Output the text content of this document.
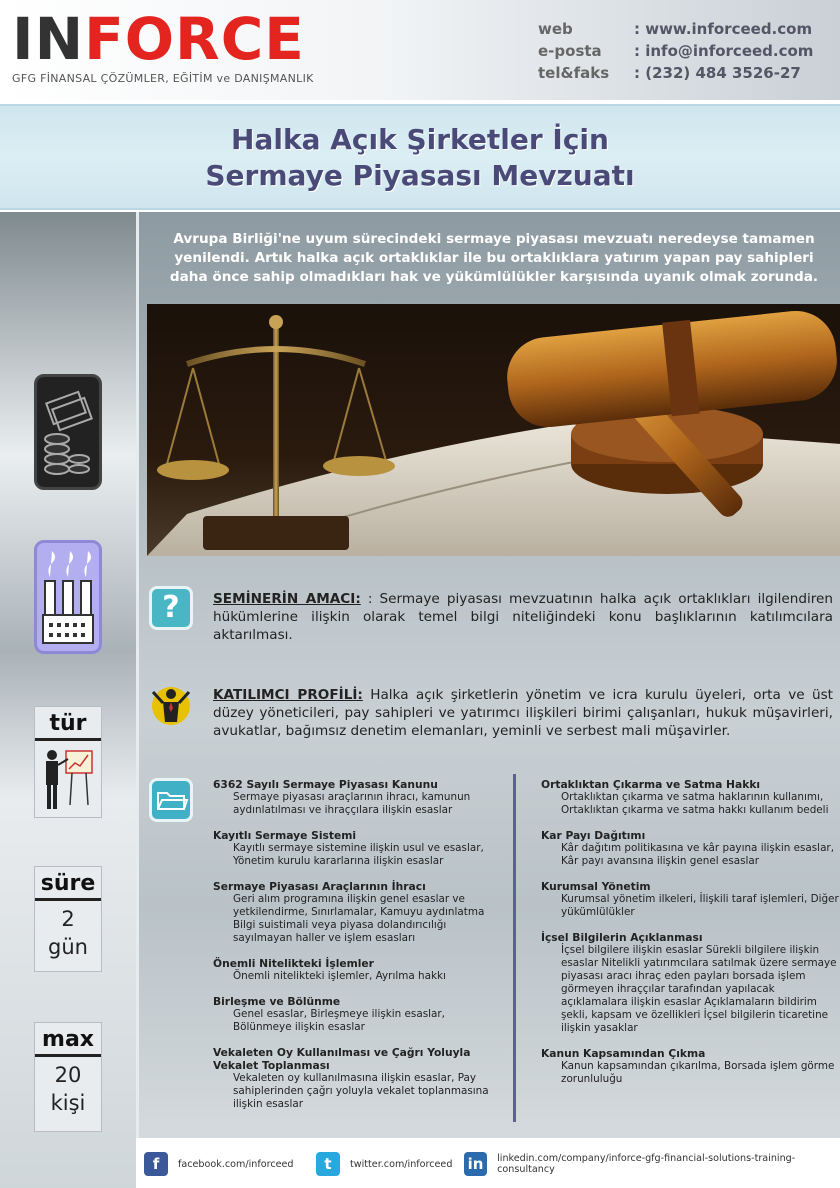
INFORCE
GFG FİNANSAL ÇÖZÜMLER, EĞİTİM ve DANIŞMANLIK
web	: www.inforceed.com
e-posta	: info@inforceed.com
tel&faks	: (232) 484 3526-27
Halka Açık Şirketler İçin
Sermaye Piyasası Mevzuatı
tür
süre
2
gün
max
20
kişi
Avrupa Birliği'ne uyum sürecindeki sermaye piyasası mevzuatı neredeyse tamamen yenilendi. Artık halka açık ortaklıklar ile bu ortaklıklara yatırım yapan pay sahipleri daha önce sahip olmadıkları hak ve yükümlülükler karşısında uyanık olmak zorunda.
?	SEMİNERİN AMACI: : Sermaye piyasası mevzuatının halka açık ortaklıkları ilgilendiren hükümlerine ilişkin olarak temel bilgi niteliğindeki konu başlıklarının katılımcılara aktarılması.
KATILIMCI PROFİLİ: Halka açık şirketlerin yönetim ve icra kurulu üyeleri, orta ve üst düzey yöneticileri, pay sahipleri ve yatırımcı ilişkileri birimi çalışanları, hukuk müşavirleri, avukatlar, bağımsız denetim elemanları, yeminli ve serbest mali müşavirler.
6362 Sayılı Sermaye Piyasası Kanunu
Sermaye piyasası araçlarının ihracı, kamunun aydınlatılması ve ihraççılara ilişkin esaslar
Kayıtlı Sermaye Sistemi
Kayıtlı sermaye sistemine ilişkin usul ve esaslar, Yönetim kurulu kararlarına ilişkin esaslar
Sermaye Piyasası Araçlarının İhracı
Geri alım programına ilişkin genel esaslar ve yetkilendirme, Sınırlamalar, Kamuyu aydınlatma Bilgi suistimali veya piyasa dolandırıcılığı sayılmayan haller ve işlem esasları
Önemli Nitelikteki İşlemler
Önemli nitelikteki işlemler, Ayrılma hakkı
Birleşme ve Bölünme
Genel esaslar, Birleşmeye ilişkin esaslar, Bölünmeye ilişkin esaslar
Vekaleten Oy Kullanılması ve Çağrı Yoluyla Vekalet Toplanması
Vekaleten oy kullanılmasına ilişkin esaslar, Pay sahiplerinden çağrı yoluyla vekalet toplanmasına ilişkin esaslar
Ortaklıktan Çıkarma ve Satma Hakkı
Ortaklıktan çıkarma ve satma haklarının kullanımı, Ortaklıktan çıkarma ve satma hakkı kullanım bedeli
Kar Payı Dağıtımı
Kâr dağıtım politikasına ve kâr payına ilişkin esaslar, Kâr payı avansına ilişkin genel esaslar
Kurumsal Yönetim
Kurumsal yönetim ilkeleri, İlişkili taraf işlemleri, Diğer yükümlülükler
İçsel Bilgilerin Açıklanması
İçsel bilgilere ilişkin esaslar Sürekli bilgilere ilişkin esaslar Nitelikli yatırımcılara satılmak üzere sermaye piyasası aracı ihraç eden payları borsada işlem görmeyen ihraççılar tarafından yapılacak açıklamalara ilişkin esaslar Açıklamaların bildirim şekli, kapsam ve özellikleri İçsel bilgilerin ticaretine ilişkin yasaklar
Kanun Kapsamından Çıkma
Kanun kapsamından çıkarılma, Borsada işlem görme zorunluluğu
f	facebook.com/inforceed	t	twitter.com/inforceed in	linkedin.com/company/inforce-gfg-financial-solutions-training-consultancy
